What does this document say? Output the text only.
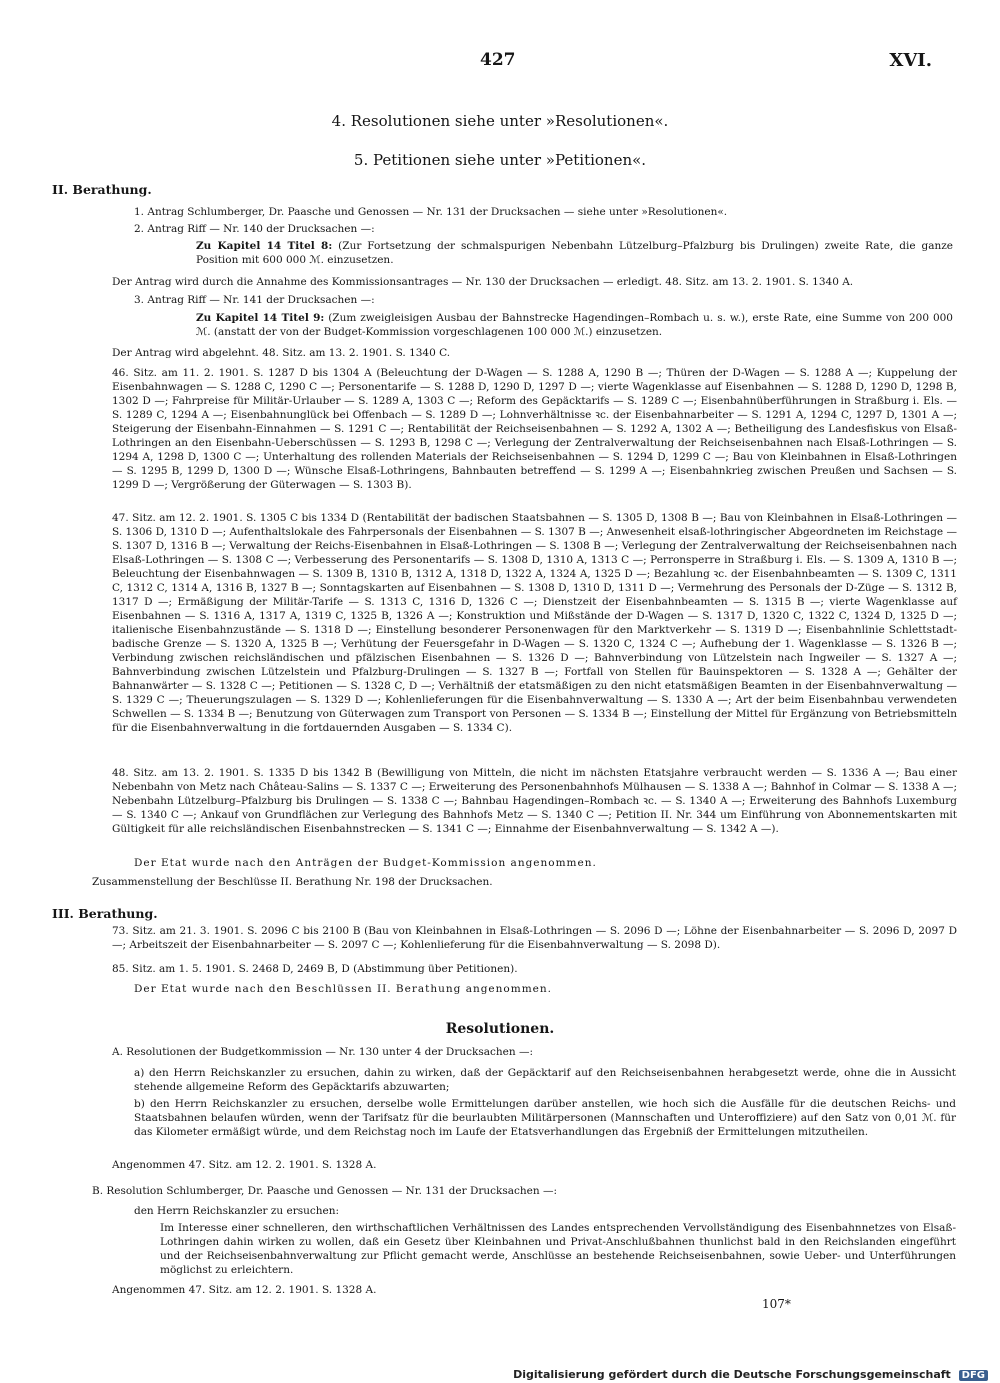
427	XVI.
4. Resolutionen siehe unter »Resolutionen«.
5. Petitionen siehe unter »Petitionen«.
II. Berathung.
1. Antrag Schlumberger, Dr. Paasche und Genossen — Nr. 131 der Drucksachen — siehe unter »Resolutionen«.
2. Antrag Riff — Nr. 140 der Drucksachen —:
Zu Kapitel 14 Titel 8: (Zur Fortsetzung der schmalspurigen Nebenbahn Lützelburg–Pfalzburg bis Drulingen) zweite Rate, die ganze Position mit 600 000 ℳ. einzusetzen.
Der Antrag wird durch die Annahme des Kommissionsantrages — Nr. 130 der Drucksachen — erledigt. 48. Sitz. am 13. 2. 1901. S. 1340 A.
3. Antrag Riff — Nr. 141 der Drucksachen —:
Zu Kapitel 14 Titel 9: (Zum zweigleisigen Ausbau der Bahnstrecke Hagendingen–Rombach u. s. w.), erste Rate, eine Summe von 200 000 ℳ. (anstatt der von der Budget-Kommission vorgeschlagenen 100 000 ℳ.) einzusetzen.
Der Antrag wird abgelehnt. 48. Sitz. am 13. 2. 1901. S. 1340 C.
46. Sitz. am 11. 2. 1901. S. 1287 D bis 1304 A (Beleuchtung der D-Wagen — S. 1288 A, 1290 B —; Thüren der D-Wagen — S. 1288 A —; Kuppelung der Eisenbahnwagen — S. 1288 C, 1290 C —; Personentarife — S. 1288 D, 1290 D, 1297 D —; vierte Wagenklasse auf Eisenbahnen — S. 1288 D, 1290 D, 1298 B, 1302 D —; Fahrpreise für Militär-Urlauber — S. 1289 A, 1303 C —; Reform des Gepäcktarifs — S. 1289 C —; Eisenbahnüberführungen in Straßburg i. Els. — S. 1289 C, 1294 A —; Eisenbahnunglück bei Offenbach — S. 1289 D —; Lohnverhältnisse ꝛc. der Eisenbahnarbeiter — S. 1291 A, 1294 C, 1297 D, 1301 A —; Steigerung der Eisenbahn-Einnahmen — S. 1291 C —; Rentabilität der Reichseisenbahnen — S. 1292 A, 1302 A —; Betheiligung des Landesfiskus von Elsaß-Lothringen an den Eisenbahn-Ueberschüssen — S. 1293 B, 1298 C —; Verlegung der Zentralverwaltung der Reichseisenbahnen nach Elsaß-Lothringen — S. 1294 A, 1298 D, 1300 C —; Unterhaltung des rollenden Materials der Reichseisenbahnen — S. 1294 D, 1299 C —; Bau von Kleinbahnen in Elsaß-Lothringen — S. 1295 B, 1299 D, 1300 D —; Wünsche Elsaß-Lothringens, Bahnbauten betreffend — S. 1299 A —; Eisenbahnkrieg zwischen Preußen und Sachsen — S. 1299 D —; Vergrößerung der Güterwagen — S. 1303 B).
47. Sitz. am 12. 2. 1901. S. 1305 C bis 1334 D (Rentabilität der badischen Staatsbahnen — S. 1305 D, 1308 B —; Bau von Kleinbahnen in Elsaß-Lothringen — S. 1306 D, 1310 D —; Aufenthaltslokale des Fahrpersonals der Eisenbahnen — S. 1307 B —; Anwesenheit elsaß-lothringischer Abgeordneten im Reichstage — S. 1307 D, 1316 B —; Verwaltung der Reichs-Eisenbahnen in Elsaß-Lothringen — S. 1308 B —; Verlegung der Zentralverwaltung der Reichseisenbahnen nach Elsaß-Lothringen — S. 1308 C —; Verbesserung des Personentarifs — S. 1308 D, 1310 A, 1313 C —; Perronsperre in Straßburg i. Els. — S. 1309 A, 1310 B —; Beleuchtung der Eisenbahnwagen — S. 1309 B, 1310 B, 1312 A, 1318 D, 1322 A, 1324 A, 1325 D —; Bezahlung ꝛc. der Eisenbahnbeamten — S. 1309 C, 1311 C, 1312 C, 1314 A, 1316 B, 1327 B —; Sonntagskarten auf Eisenbahnen — S. 1308 D, 1310 D, 1311 D —; Vermehrung des Personals der D-Züge — S. 1312 B, 1317 D —; Ermäßigung der Militär-Tarife — S. 1313 C, 1316 D, 1326 C —; Dienstzeit der Eisenbahnbeamten — S. 1315 B —; vierte Wagenklasse auf Eisenbahnen — S. 1316 A, 1317 A, 1319 C, 1325 B, 1326 A —; Konstruktion und Mißstände der D-Wagen — S. 1317 D, 1320 C, 1322 C, 1324 D, 1325 D —; italienische Eisenbahnzustände — S. 1318 D —; Einstellung besonderer Personenwagen für den Marktverkehr — S. 1319 D —; Eisenbahnlinie Schlettstadt-badische Grenze — S. 1320 A, 1325 B —; Verhütung der Feuersgefahr in D-Wagen — S. 1320 C, 1324 C —; Aufhebung der 1. Wagenklasse — S. 1326 B —; Verbindung zwischen reichsländischen und pfälzischen Eisenbahnen — S. 1326 D —; Bahnverbindung von Lützelstein nach Ingweiler — S. 1327 A —; Bahnverbindung zwischen Lützelstein und Pfalzburg-Drulingen — S. 1327 B —; Fortfall von Stellen für Bauinspektoren — S. 1328 A —; Gehälter der Bahnanwärter — S. 1328 C —; Petitionen — S. 1328 C, D —; Verhältniß der etatsmäßigen zu den nicht etatsmäßigen Beamten in der Eisenbahnverwaltung — S. 1329 C —; Theuerungszulagen — S. 1329 D —; Kohlenlieferungen für die Eisenbahnverwaltung — S. 1330 A —; Art der beim Eisenbahnbau verwendeten Schwellen — S. 1334 B —; Benutzung von Güterwagen zum Transport von Personen — S. 1334 B —; Einstellung der Mittel für Ergänzung von Betriebsmitteln für die Eisenbahnverwaltung in die fortdauernden Ausgaben — S. 1334 C).
48. Sitz. am 13. 2. 1901. S. 1335 D bis 1342 B (Bewilligung von Mitteln, die nicht im nächsten Etatsjahre verbraucht werden — S. 1336 A —; Bau einer Nebenbahn von Metz nach Château-Salins — S. 1337 C —; Erweiterung des Personenbahnhofs Mülhausen — S. 1338 A —; Bahnhof in Colmar — S. 1338 A —; Nebenbahn Lützelburg–Pfalzburg bis Drulingen — S. 1338 C —; Bahnbau Hagendingen–Rombach ꝛc. — S. 1340 A —; Erweiterung des Bahnhofs Luxemburg — S. 1340 C —; Ankauf von Grundflächen zur Verlegung des Bahnhofs Metz — S. 1340 C —; Petition II. Nr. 344 um Einführung von Abonnementskarten mit Gültigkeit für alle reichsländischen Eisenbahnstrecken — S. 1341 C —; Einnahme der Eisenbahnverwaltung — S. 1342 A —).
Der Etat wurde nach den Anträgen der Budget-Kommission angenommen.
Zusammenstellung der Beschlüsse II. Berathung Nr. 198 der Drucksachen.
III. Berathung.
73. Sitz. am 21. 3. 1901. S. 2096 C bis 2100 B (Bau von Kleinbahnen in Elsaß-Lothringen — S. 2096 D —; Löhne der Eisenbahnarbeiter — S. 2096 D, 2097 D —; Arbeitszeit der Eisenbahnarbeiter — S. 2097 C —; Kohlenlieferung für die Eisenbahnverwaltung — S. 2098 D).
85. Sitz. am 1. 5. 1901. S. 2468 D, 2469 B, D (Abstimmung über Petitionen).
Der Etat wurde nach den Beschlüssen II. Berathung angenommen.
Resolutionen.
A. Resolutionen der Budgetkommission — Nr. 130 unter 4 der Drucksachen —:
a) den Herrn Reichskanzler zu ersuchen, dahin zu wirken, daß der Gepäcktarif auf den Reichseisenbahnen herabgesetzt werde, ohne die in Aussicht stehende allgemeine Reform des Gepäcktarifs abzuwarten;
b) den Herrn Reichskanzler zu ersuchen, derselbe wolle Ermittelungen darüber anstellen, wie hoch sich die Ausfälle für die deutschen Reichs- und Staatsbahnen belaufen würden, wenn der Tarifsatz für die beurlaubten Militärpersonen (Mannschaften und Unteroffiziere) auf den Satz von 0,01 ℳ. für das Kilometer ermäßigt würde, und dem Reichstag noch im Laufe der Etatsverhandlungen das Ergebniß der Ermittelungen mitzutheilen.
Angenommen 47. Sitz. am 12. 2. 1901. S. 1328 A.
B. Resolution Schlumberger, Dr. Paasche und Genossen — Nr. 131 der Drucksachen —:
den Herrn Reichskanzler zu ersuchen:
Im Interesse einer schnelleren, den wirthschaftlichen Verhältnissen des Landes entsprechenden Vervollständigung des Eisenbahnnetzes von Elsaß-Lothringen dahin wirken zu wollen, daß ein Gesetz über Kleinbahnen und Privat-Anschlußbahnen thunlichst bald in den Reichslanden eingeführt und der Reichseisenbahnverwaltung zur Pflicht gemacht werde, Anschlüsse an bestehende Reichseisenbahnen, sowie Ueber- und Unterführungen möglichst zu erleichtern.
Angenommen 47. Sitz. am 12. 2. 1901. S. 1328 A.
107*
Digitalisierung gefördert durch die Deutsche Forschungsgemeinschaft DFG
